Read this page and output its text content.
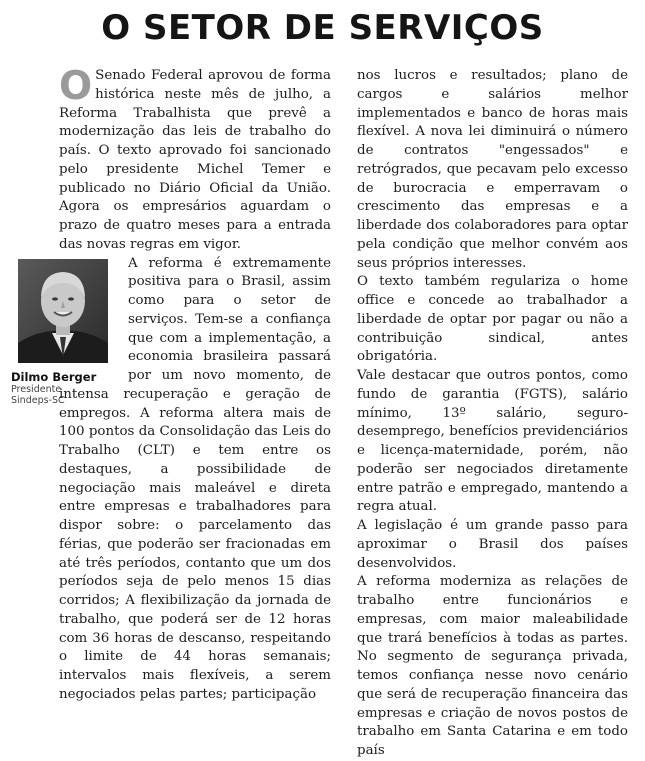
O SETOR DE SERVIÇOS

O Senado Federal aprovou de forma histórica neste mês de julho, a Reforma Trabalhista que prevê a modernização das leis de trabalho do país. O texto aprovado foi sancionado pelo presidente Michel Temer e publicado no Diário Oficial da União. Agora os empresários aguardam o prazo de quatro meses para a entrada das novas regras em vigor.

Dilmo Berger
Presidente
Sindeps-SC
A reforma é extremamente positiva para o Brasil, assim como para o setor de serviços. Tem-se a confiança que com a implementação, a economia brasileira passará por um novo momento, de intensa recuperação e geração de empregos. A reforma altera mais de 100 pontos da Consolidação das Leis do Trabalho (CLT) e tem entre os destaques, a possibilidade de negociação mais maleável e direta entre empresas e trabalhadores para dispor sobre: o parcelamento das férias, que poderão ser fracionadas em até três períodos, contanto que um dos períodos seja de pelo menos 15 dias corridos; A flexibilização da jornada de trabalho, que poderá ser de 12 horas com 36 horas de descanso, respeitando o limite de 44 horas semanais; intervalos mais flexíveis, a serem negociados pelas partes; participação

nos lucros e resultados; plano de cargos e salários melhor implementados e banco de horas mais flexível. A nova lei diminuirá o número de contratos "engessados" e retrógrados, que pecavam pelo excesso de burocracia e emperravam o crescimento das empresas e a liberdade dos colaboradores para optar pela condição que melhor convém aos seus próprios interesses.

O texto também regulariza o home office e concede ao trabalhador a liberdade de optar por pagar ou não a contribuição sindical, antes obrigatória.

Vale destacar que outros pontos, como fundo de garantia (FGTS), salário mínimo, 13º salário, seguro-desemprego, benefícios previdenciários e licença-maternidade, porém, não poderão ser negociados diretamente entre patrão e empregado, mantendo a regra atual.

A legislação é um grande passo para aproximar o Brasil dos países desenvolvidos.

A reforma moderniza as relações de trabalho entre funcionários e empresas, com maior maleabilidade que trará benefícios à todas as partes. No segmento de segurança privada, temos confiança nesse novo cenário que será de recuperação financeira das empresas e criação de novos postos de trabalho em Santa Catarina e em todo país
